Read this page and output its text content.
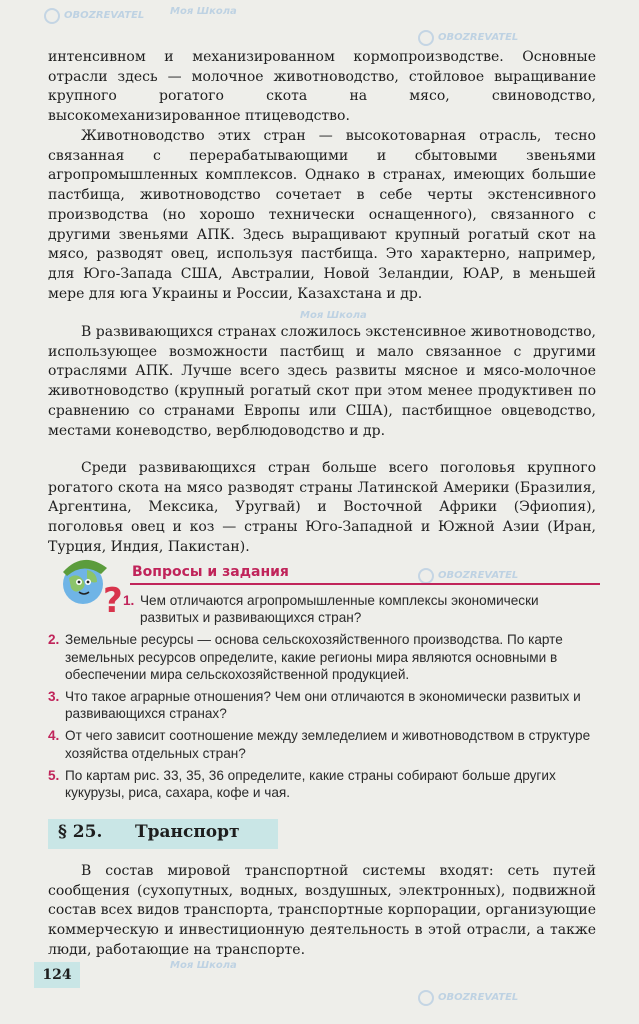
OBOZREVATEL	Моя Школа
OBOZREVATEL
Моя Школа
OBOZREVATEL
Моя Школа
OBOZREVATEL

интенсивном и механизированном кормопроизводстве. Основные отрасли здесь — молочное животноводство, стойловое выращивание крупного рогатого скота на мясо, свиноводство, высокомеханизированное птицеводство.

Животноводство этих стран — высокотоварная отрасль, тесно связанная с перерабатывающими и сбытовыми звеньями агропромышленных комплексов. Однако в странах, имеющих большие пастбища, животноводство сочетает в себе черты экстенсивного производства (но хорошо технически оснащенного), связанного с другими звеньями АПК. Здесь выращивают крупный рогатый скот на мясо, разводят овец, используя пастбища. Это характерно, например, для Юго-Запада США, Австралии, Новой Зеландии, ЮАР, в меньшей мере для юга Украины и России, Казахстана и др.

В развивающихся странах сложилось экстенсивное животноводство, использующее возможности пастбищ и мало связанное с другими отраслями АПК. Лучше всего здесь развиты мясное и мясо-молочное животноводство (крупный рогатый скот при этом менее продуктивен по сравнению со странами Европы или США), пастбищное овцеводство, местами коневодство, верблюдоводство и др.

Среди развивающихся стран больше всего поголовья крупного рогатого скота на мясо разводят страны Латинской Америки (Бразилия, Аргентина, Мексика, Уругвай) и Восточной Африки (Эфиопия), поголовья овец и коз — страны Юго-Западной и Южной Азии (Иран, Турция, Индия, Пакистан).

?

Вопросы и задания

1. Чем отличаются агропромышленные комплексы экономически развитых и развивающихся стран?
2. Земельные ресурсы — основа сельскохозяйственного производства. По карте земельных ресурсов определите, какие регионы мира являются основными в обеспечении мира сельскохозяйственной продукцией.
3. Что такое аграрные отношения? Чем они отличаются в экономически развитых и развивающихся странах?
4. От чего зависит соотношение между земледелием и животноводством в структуре хозяйства отдельных стран?
5. По картам рис. 33, 35, 36 определите, какие страны собирают больше других кукурузы, риса, сахара, кофе и чая.

§ 25. Транспорт

В состав мировой транспортной системы входят: сеть путей сообщения (сухопутных, водных, воздушных, электронных), подвижной состав всех видов транспорта, транспортные корпорации, организующие коммерческую и инвестиционную деятельность в этой отрасли, а также люди, работающие на транспорте.

124
